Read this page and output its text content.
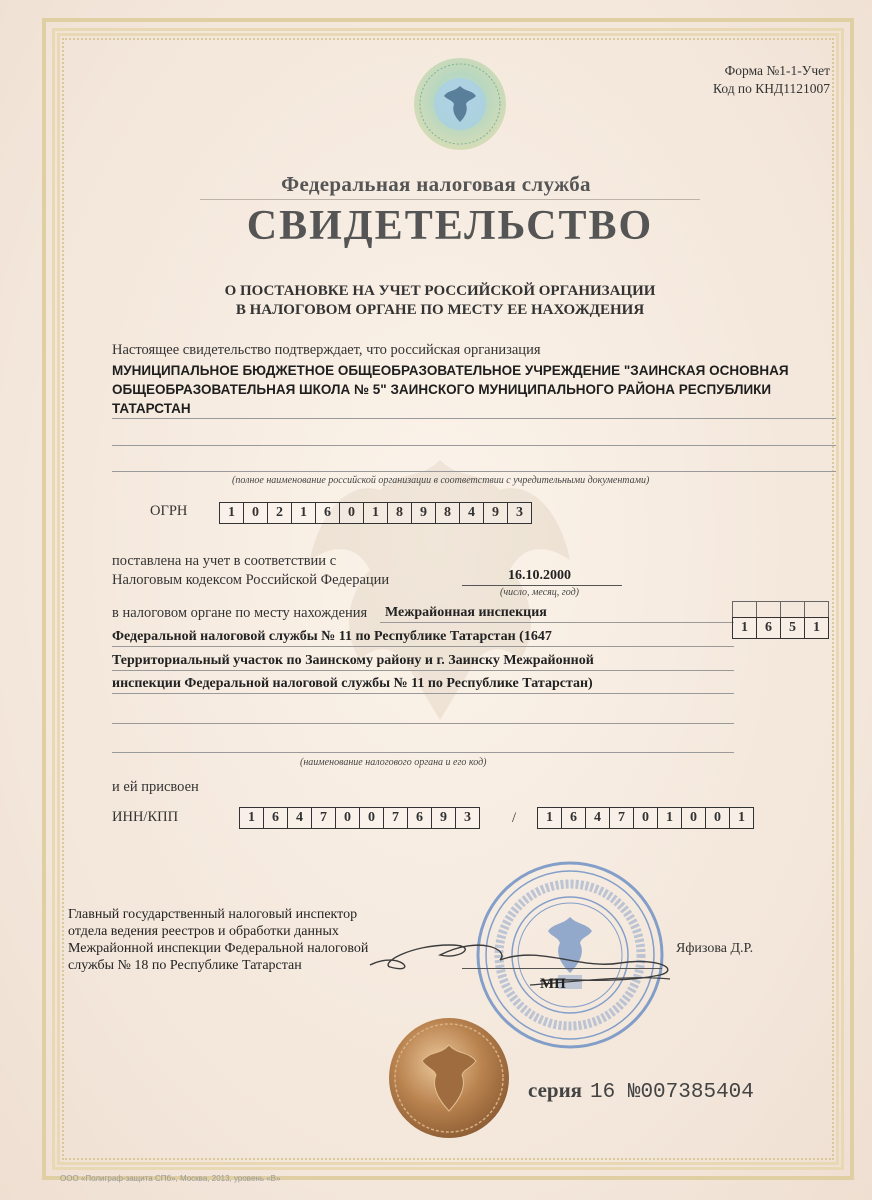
Форма №1-1-Учет
Код по КНД1121007
Федеральная налоговая служба
СВИДЕТЕЛЬСТВО
О ПОСТАНОВКЕ НА УЧЕТ РОССИЙСКОЙ ОРГАНИЗАЦИИ
В НАЛОГОВОМ ОРГАНЕ ПО МЕСТУ ЕЕ НАХОЖДЕНИЯ
Настоящее свидетельство подтверждает, что российская организация
МУНИЦИПАЛЬНОЕ БЮДЖЕТНОЕ ОБЩЕОБРАЗОВАТЕЛЬНОЕ УЧРЕЖДЕНИЕ "ЗАИНСКАЯ ОСНОВНАЯ
ОБЩЕОБРАЗОВАТЕЛЬНАЯ ШКОЛА № 5" ЗАИНСКОГО МУНИЦИПАЛЬНОГО РАЙОНА РЕСПУБЛИКИ
ТАТАРСТАН
(полное наименование российской организации в соответствии с учредительными документами)
ОГРН	1	0	2	1	6	0	1	8	9	8	4	9	3
поставлена на учет в соответствии с
Налоговым кодексом Российской Федерации	16.10.2000
(число, месяц, год)
в налоговом органе по месту нахождения Межрайонная инспекция
Федеральной налоговой службы № 11 по Республике Татарстан (1647
Территориальный участок по Заинскому району и г. Заинску Межрайонной
инспекции Федеральной налоговой службы № 11 по Республике Татарстан)
(наименование налогового органа и его код)
1	6	5	1
и ей присвоен
ИНН/КПП	1	6	4	7	0	0	7	6	9	3	/	1	6	4	7	0	1	0	0	1
Главный государственный налоговый инспектор
отдела ведения реестров и обработки данных
Межрайонной инспекции Федеральной налоговой
службы № 18 по Республике Татарстан
Яфизова Д.Р.
МП
серия 16 №007385404
ООО «Полиграф-защита СПб», Москва, 2013, уровень «В»
